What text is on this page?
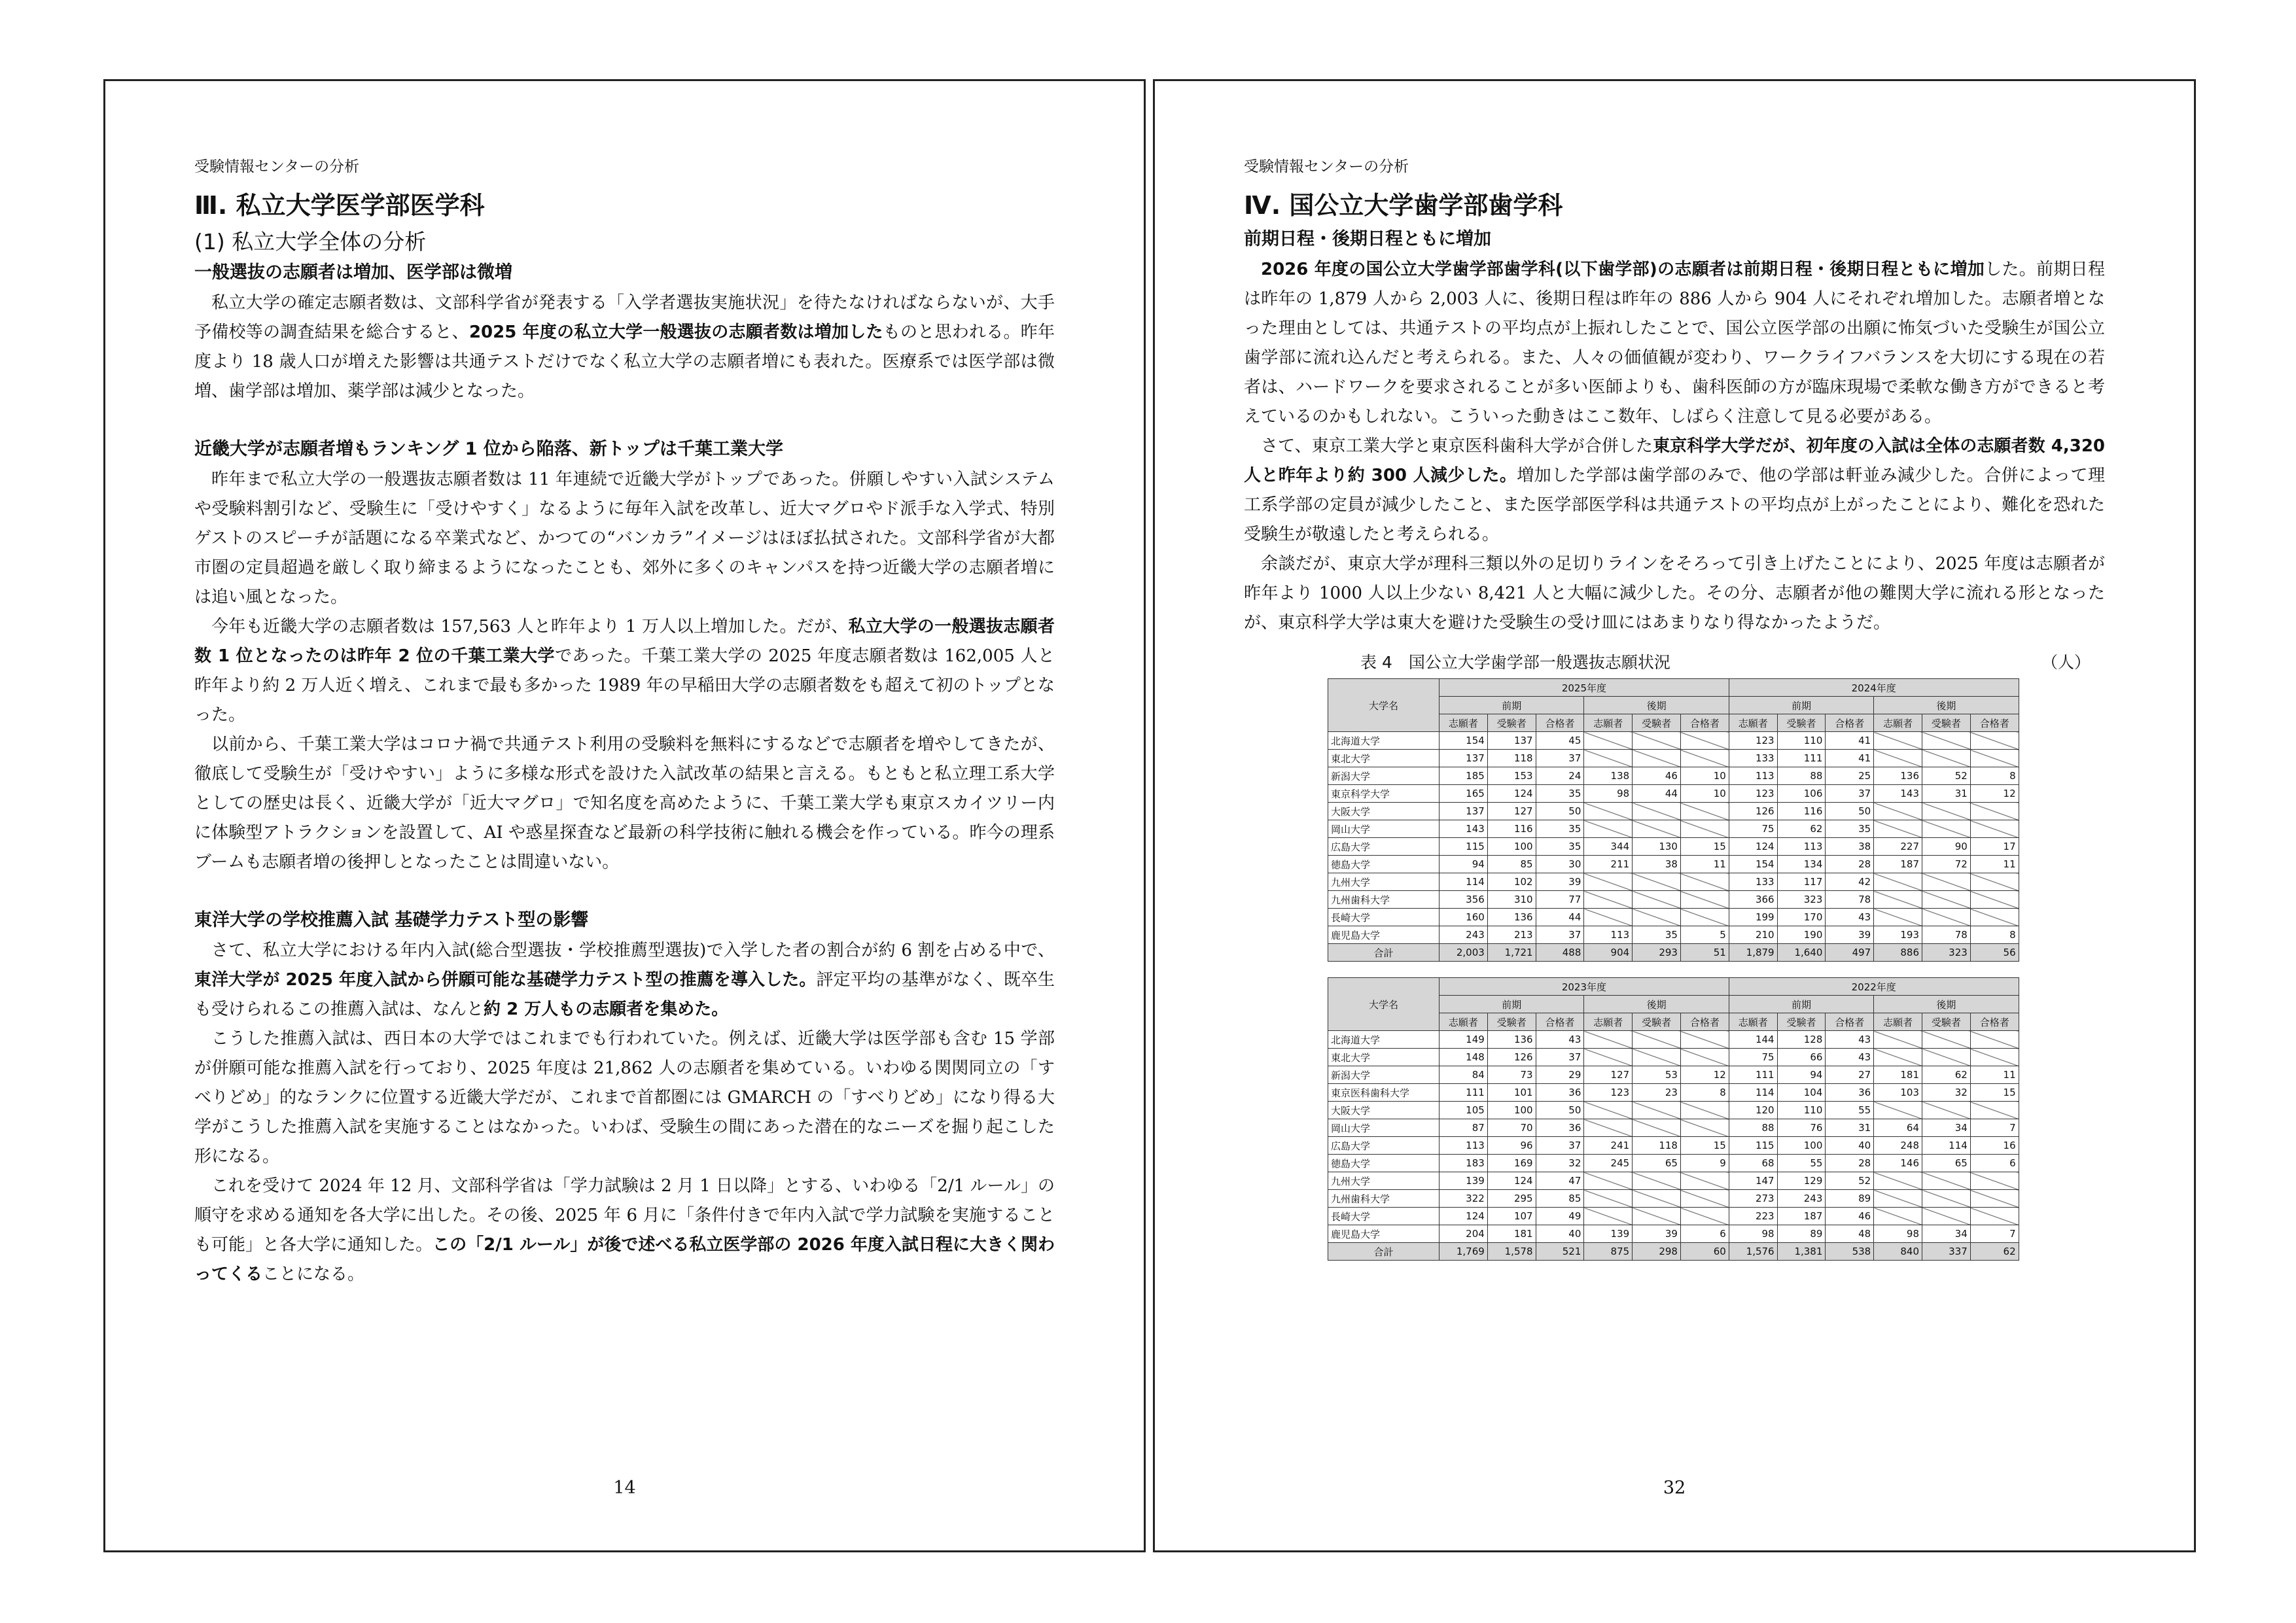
受験情報センターの分析
Ⅲ. 私立大学医学部医学科
(1) 私立大学全体の分析
一般選抜の志願者は増加、医学部は微増

私立大学の確定志願者数は、文部科学省が発表する「入学者選抜実施状況」を待たなければならないが、大手予備校等の調査結果を総合すると、2025 年度の私立大学一般選抜の志願者数は増加したものと思われる。昨年度より 18 歳人口が増えた影響は共通テストだけでなく私立大学の志願者増にも表れた。医療系では医学部は微増、歯学部は増加、薬学部は減少となった。

近畿大学が志願者増もランキング 1 位から陥落、新トップは千葉工業大学

昨年まで私立大学の一般選抜志願者数は 11 年連続で近畿大学がトップであった。併願しやすい入試システムや受験料割引など、受験生に「受けやすく」なるように毎年入試を改革し、近大マグロやド派手な入学式、特別ゲストのスピーチが話題になる卒業式など、かつての“バンカラ”イメージはほぼ払拭された。文部科学省が大都市圏の定員超過を厳しく取り締まるようになったことも、郊外に多くのキャンパスを持つ近畿大学の志願者増には追い風となった。

今年も近畿大学の志願者数は 157,563 人と昨年より 1 万人以上増加した。だが、私立大学の一般選抜志願者数 1 位となったのは昨年 2 位の千葉工業大学であった。千葉工業大学の 2025 年度志願者数は 162,005 人と昨年より約 2 万人近く増え、これまで最も多かった 1989 年の早稲田大学の志願者数をも超えて初のトップとなった。

以前から、千葉工業大学はコロナ禍で共通テスト利用の受験料を無料にするなどで志願者を増やしてきたが、徹底して受験生が「受けやすい」ように多様な形式を設けた入試改革の結果と言える。もともと私立理工系大学としての歴史は長く、近畿大学が「近大マグロ」で知名度を高めたように、千葉工業大学も東京スカイツリー内に体験型アトラクションを設置して、AI や惑星探査など最新の科学技術に触れる機会を作っている。昨今の理系ブームも志願者増の後押しとなったことは間違いない。

東洋大学の学校推薦入試 基礎学力テスト型の影響

さて、私立大学における年内入試(総合型選抜・学校推薦型選抜)で入学した者の割合が約 6 割を占める中で、東洋大学が 2025 年度入試から併願可能な基礎学力テスト型の推薦を導入した。評定平均の基準がなく、既卒生も受けられるこの推薦入試は、なんと約 2 万人もの志願者を集めた。

こうした推薦入試は、西日本の大学ではこれまでも行われていた。例えば、近畿大学は医学部も含む 15 学部が併願可能な推薦入試を行っており、2025 年度は 21,862 人の志願者を集めている。いわゆる関関同立の「すべりどめ」的なランクに位置する近畿大学だが、これまで首都圏には GMARCH の「すべりどめ」になり得る大学がこうした推薦入試を実施することはなかった。いわば、受験生の間にあった潜在的なニーズを掘り起こした形になる。

これを受けて 2024 年 12 月、文部科学省は「学力試験は 2 月 1 日以降」とする、いわゆる「2/1 ルール」の順守を求める通知を各大学に出した。その後、2025 年 6 月に「条件付きで年内入試で学力試験を実施することも可能」と各大学に通知した。この「2/1 ルール」が後で述べる私立医学部の 2026 年度入試日程に大きく関わってくることになる。

14
受験情報センターの分析
Ⅳ. 国公立大学歯学部歯学科
前期日程・後期日程ともに増加

2026 年度の国公立大学歯学部歯学科(以下歯学部)の志願者は前期日程・後期日程ともに増加した。前期日程は昨年の 1,879 人から 2,003 人に、後期日程は昨年の 886 人から 904 人にそれぞれ増加した。志願者増となった理由としては、共通テストの平均点が上振れしたことで、国公立医学部の出願に怖気づいた受験生が国公立歯学部に流れ込んだと考えられる。また、人々の価値観が変わり、ワークライフバランスを大切にする現在の若者は、ハードワークを要求されることが多い医師よりも、歯科医師の方が臨床現場で柔軟な働き方ができると考えているのかもしれない。こういった動きはここ数年、しばらく注意して見る必要がある。

さて、東京工業大学と東京医科歯科大学が合併した東京科学大学だが、初年度の入試は全体の志願者数 4,320 人と昨年より約 300 人減少した。増加した学部は歯学部のみで、他の学部は軒並み減少した。合併によって理工系学部の定員が減少したこと、また医学部医学科は共通テストの平均点が上がったことにより、難化を恐れた受験生が敬遠したと考えられる。

余談だが、東京大学が理科三類以外の足切りラインをそろって引き上げたことにより、2025 年度は志願者が昨年より 1000 人以上少ない 8,421 人と大幅に減少した。その分、志願者が他の難関大学に流れる形となったが、東京科学大学は東大を避けた受験生の受け皿にはあまりなり得なかったようだ。

表 4　国公立大学歯学部一般選抜志願状況	（人）
大学名	2025年度						2024年度					
	前期			後期			前期			後期		
	志願者	受験者	合格者	志願者	受験者	合格者	志願者	受験者	合格者	志願者	受験者	合格者
北海道大学	154	137	45				123	110	41			
東北大学	137	118	37				133	111	41			
新潟大学	185	153	24	138	46	10	113	88	25	136	52	8
東京科学大学	165	124	35	98	44	10	123	106	37	143	31	12
大阪大学	137	127	50				126	116	50			
岡山大学	143	116	35				75	62	35			
広島大学	115	100	35	344	130	15	124	113	38	227	90	17
徳島大学	94	85	30	211	38	11	154	134	28	187	72	11
九州大学	114	102	39				133	117	42			
九州歯科大学	356	310	77				366	323	78			
長崎大学	160	136	44				199	170	43			
鹿児島大学	243	213	37	113	35	5	210	190	39	193	78	8
合計	2,003	1,721	488	904	293	51	1,879	1,640	497	886	323	56
大学名	2023年度						2022年度					
	前期			後期			前期			後期		
	志願者	受験者	合格者	志願者	受験者	合格者	志願者	受験者	合格者	志願者	受験者	合格者
北海道大学	149	136	43				144	128	43			
東北大学	148	126	37				75	66	43			
新潟大学	84	73	29	127	53	12	111	94	27	181	62	11
東京医科歯科大学	111	101	36	123	23	8	114	104	36	103	32	15
大阪大学	105	100	50				120	110	55			
岡山大学	87	70	36				88	76	31	64	34	7
広島大学	113	96	37	241	118	15	115	100	40	248	114	16
徳島大学	183	169	32	245	65	9	68	55	28	146	65	6
九州大学	139	124	47				147	129	52			
九州歯科大学	322	295	85				273	243	89			
長崎大学	124	107	49				223	187	46			
鹿児島大学	204	181	40	139	39	6	98	89	48	98	34	7
合計	1,769	1,578	521	875	298	60	1,576	1,381	538	840	337	62
32
